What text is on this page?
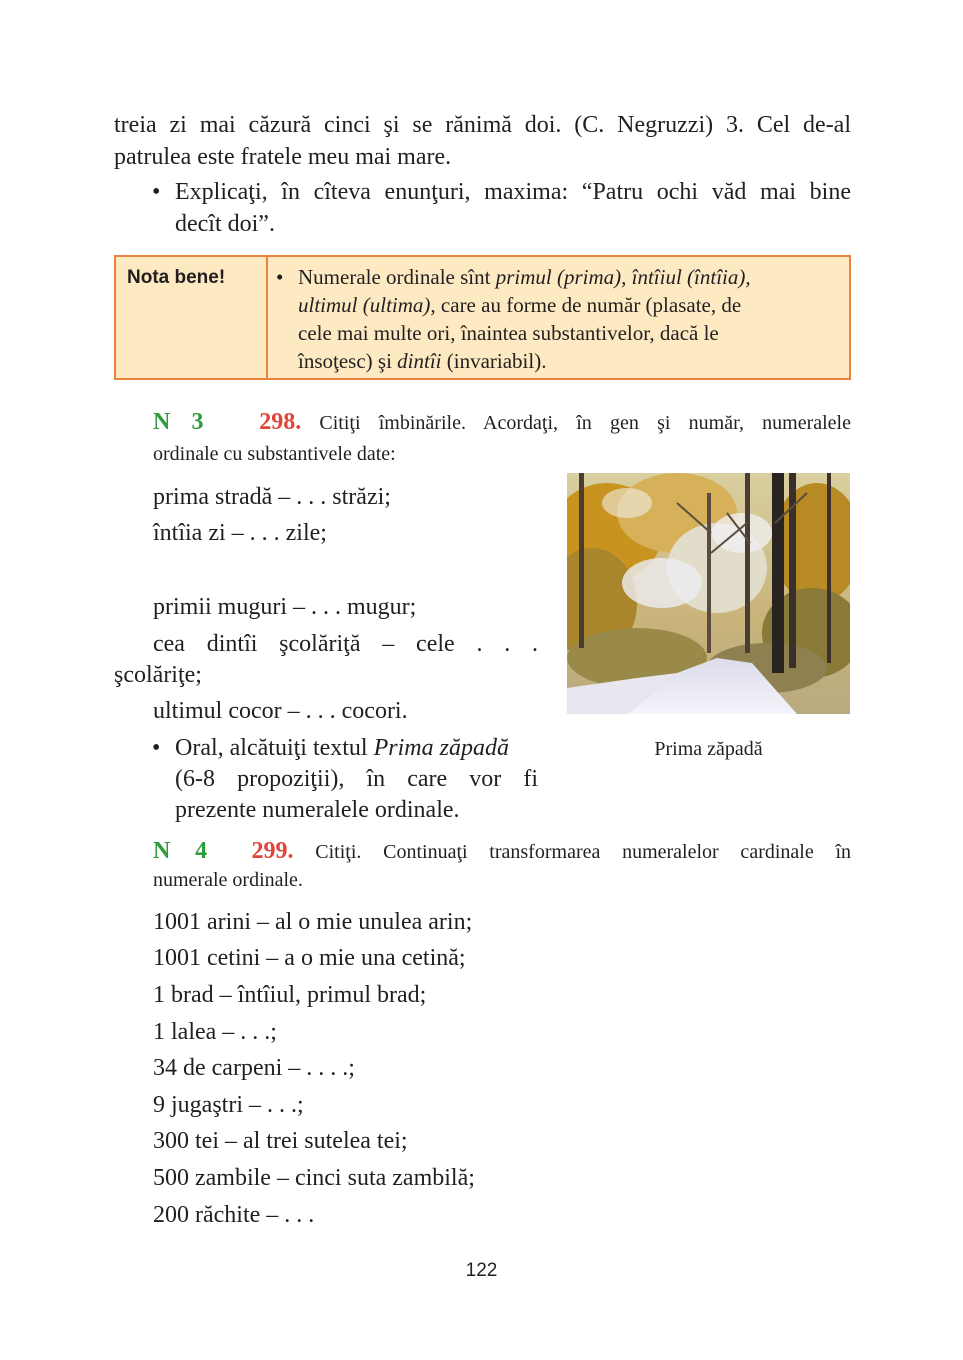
treia zi mai căzură cinci şi se rănimă doi. (C. Negruzzi) 3. Cel de-al
patrulea este fratele meu mai mare.
• Explicaţi, în cîteva enunţuri, maxima: “Patru ochi văd mai bine
decît doi”.
Nota bene! • Numerale ordinale sînt primul (prima), întîiul (întîia),
ultimul (ultima), care au forme de număr (plasate, de
cele mai multe ori, înaintea substantivelor, dacă le
însoţesc) şi dintîi (invariabil).
N 3 298. Citiţi îmbinările. Acordaţi, în gen şi număr, numeralele
ordinale cu substantivele date:
prima stradă – . . . străzi;
întîia zi – . . . zile;
primii muguri – . . . mugur;
cea dintîi şcolăriţă – cele . . .
şcolăriţe;
ultimul cocor – . . . cocori.
• Oral, alcătuiţi textul Prima zăpadă
(6-8 propoziţii), în care vor fi
prezente numeralele ordinale.
Prima zăpadă
N 4 299. Citiţi. Continuaţi transformarea numeralelor cardinale în
numerale ordinale.
1001 arini – al o mie unulea arin;
1001 cetini – a o mie una cetină;
1 brad – întîiul, primul brad;
1 lalea – . . .;
34 de carpeni – . . . .;
9 jugaştri – . . .;
300 tei – al trei sutelea tei;
500 zambile – cinci suta zambilă;
200 răchite – . . .
122
